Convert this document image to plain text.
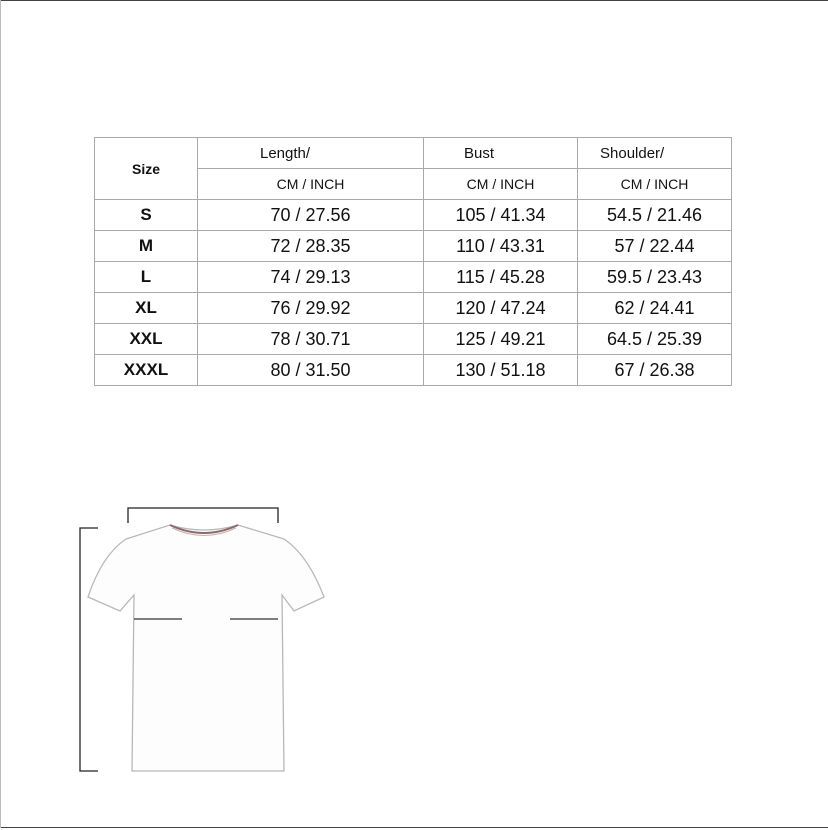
Size	Length/	Bust	Shoulder/
	CM / INCH	CM / INCH	CM / INCH
S	70 / 27.56	105 / 41.34	54.5 / 21.46
M	72 / 28.35	110 / 43.31	57 / 22.44
L	74 / 29.13	115 / 45.28	59.5 / 23.43
XL	76 / 29.92	120 / 47.24	62 / 24.41
XXL	78 / 30.71	125 / 49.21	64.5 / 25.39
XXXL	80 / 31.50	130 / 51.18	67 / 26.38
